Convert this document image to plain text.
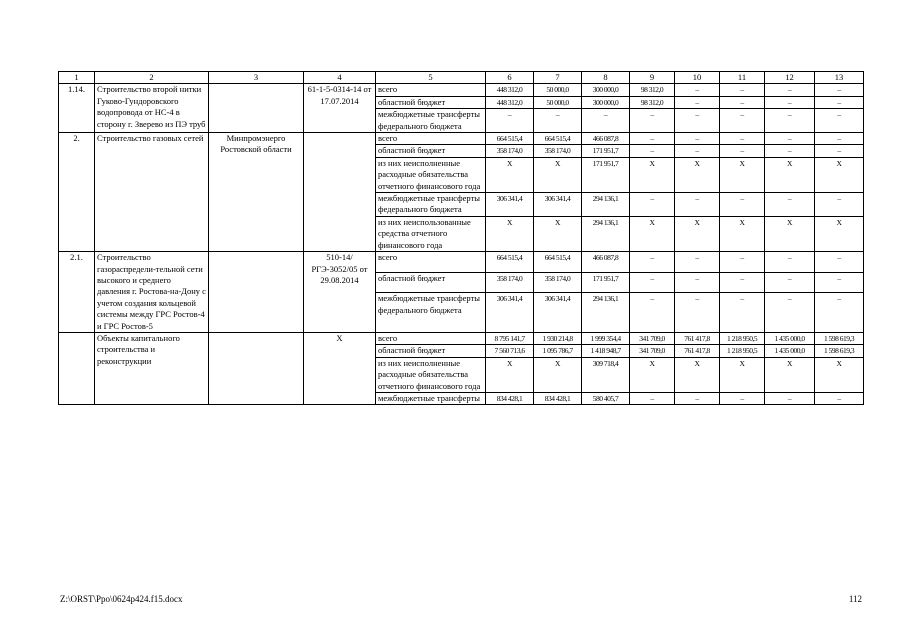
1	2	3	4	5	6	7	8	9	10	11	12	13
1.14.	Строительство второй нитки Гуково-Гундоровского водопровода от НС-4 в сторону г. Зверево из ПЭ труб		61-1-5-0314-14 от 17.07.2014	всего	448 312,0	50 000,0	300 000,0	98 312,0	–	–	–	–
				областной бюджет	448 312,0	50 000,0	300 000,0	98 312,0	–	–	–	–
				межбюджетные трансферты федерального бюджета	–	–	–	–	–	–	–	–
2.	Строительство газовых сетей	Минпромэнерго Ростовской области		всего	664 515,4	664 515,4	466 087,8	–	–	–	–	–
				областной бюджет	358 174,0	358 174,0	171 951,7	–	–	–	–	–
				из них неисполненные расходные обязательства отчетного финансового года	Х	Х	171 951,7	Х	Х	Х	Х	Х
				межбюджетные трансферты федерального бюджета	306 341,4	306 341,4	294 136,1	–	–	–	–	–
				из них неиспользованные средства отчетного финансового года	Х	Х	294 136,1	Х	Х	Х	Х	Х
2.1.	Строительство газораспредели-тельной сети высокого и среднего давления г. Ростова-на-Дону с учетом создания кольцевой системы между ГРС Ростов-4 и ГРС Ростов-5		510-14/РГЭ-3052/05 от 29.08.2014	всего	664 515,4	664 515,4	466 087,8	–	–	–	–	–
				областной бюджет	358 174,0	358 174,0	171 951,7	–	–	–	–	–
				межбюджетные трансферты федерального бюджета	306 341,4	306 341,4	294 136,1	–	–	–	–	–
	Объекты капитального строительства и реконструкции		Х	всего	8 795 141,7	1 930 214,8	1 999 354,4	341 709,0	761 417,8	1 218 950,5	1 435 000,0	1 598 619,3
				областной бюджет	7 560 713,6	1 095 786,7	1 418 948,7	341 709,0	761 417,8	1 218 950,5	1 435 000,0	1 598 619,3
				из них неисполненные расходные обязательства отчетного финансового года	Х	Х	309 718,4	Х	Х	Х	Х	Х
				межбюджетные трансферты	834 428,1	834 428,1	580 405,7	–	–	–	–	–
Z:\ORST\Ppo\0624p424.f15.docx	112
